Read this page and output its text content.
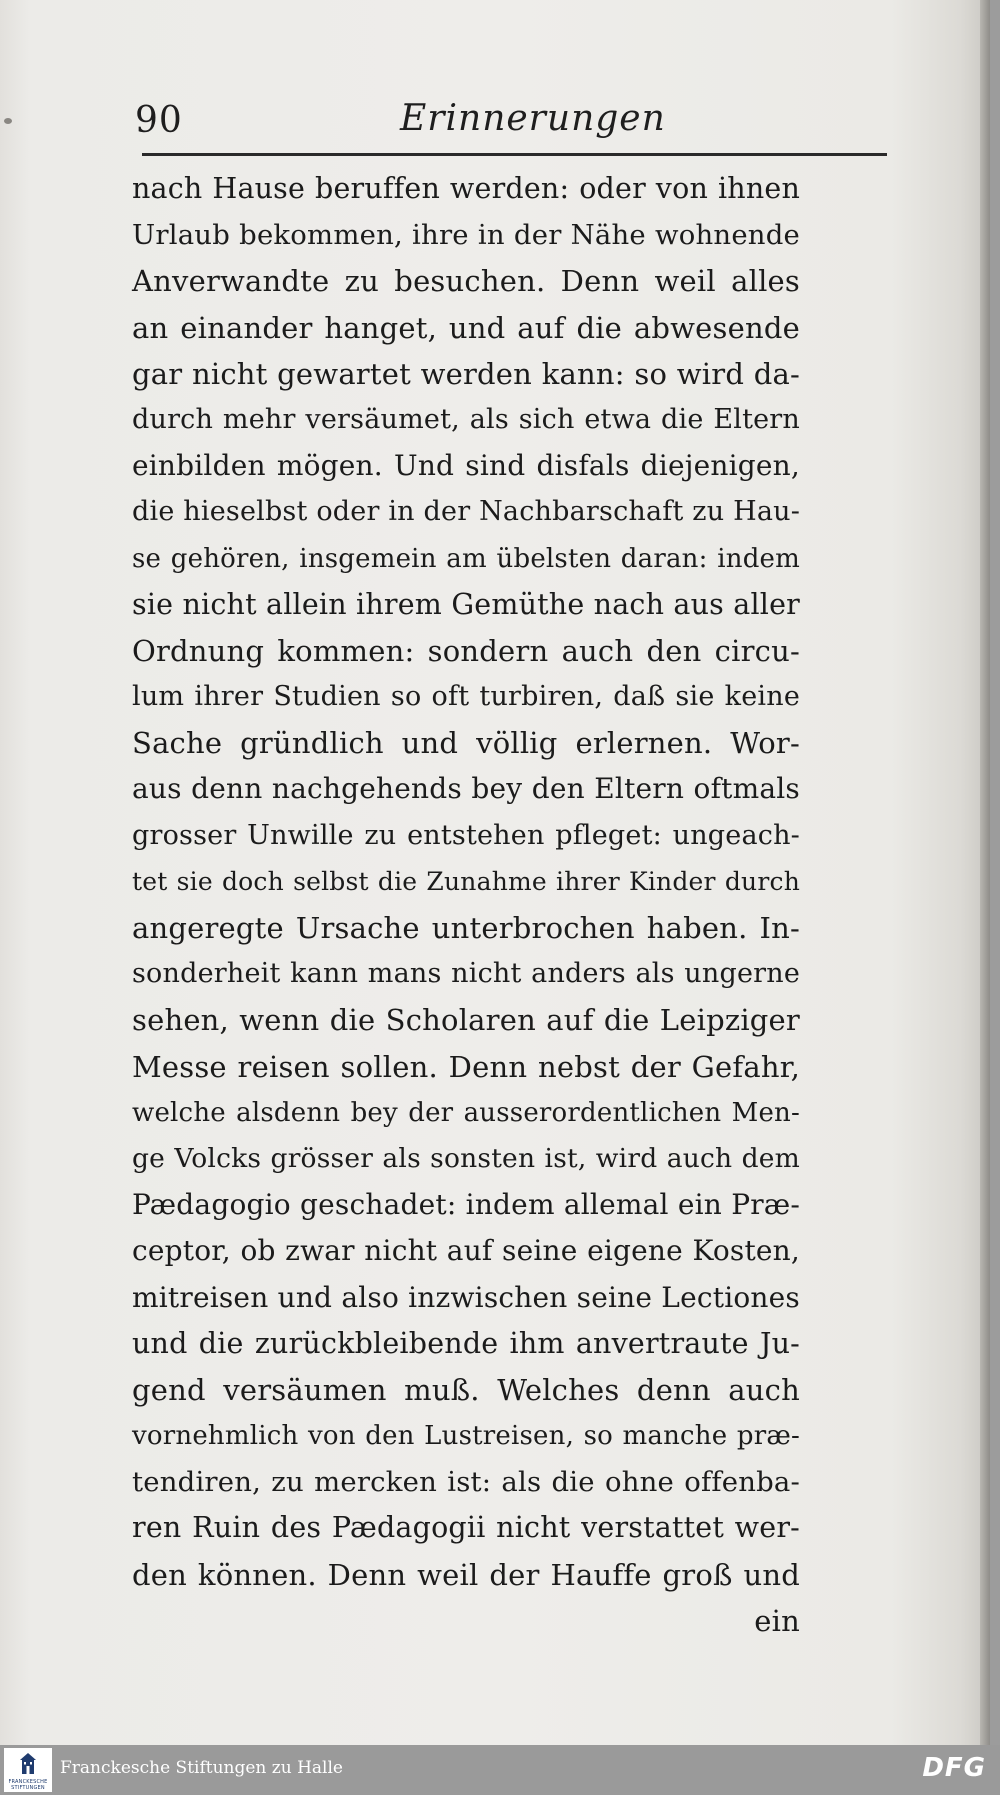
90	Erinnerungen
nach Hause beruffen werden: oder von ihnen
Urlaub bekommen, ihre in der Nähe wohnende
Anverwandte zu besuchen. Denn weil alles
an einander hanget, und auf die abwesende
gar nicht gewartet werden kann: so wird da-
durch mehr versäumet, als sich etwa die Eltern
einbilden mögen. Und sind disfals diejenigen,
die hieselbst oder in der Nachbarschaft zu Hau-
se gehören, insgemein am übelsten daran: indem
sie nicht allein ihrem Gemüthe nach aus aller
Ordnung kommen: sondern auch den circu-
lum ihrer Studien so oft turbiren, daß sie keine
Sache gründlich und völlig erlernen. Wor-
aus denn nachgehends bey den Eltern oftmals
grosser Unwille zu entstehen pfleget: ungeach-
tet sie doch selbst die Zunahme ihrer Kinder durch
angeregte Ursache unterbrochen haben. In-
sonderheit kann mans nicht anders als ungerne
sehen, wenn die Scholaren auf die Leipziger
Messe reisen sollen. Denn nebst der Gefahr,
welche alsdenn bey der ausserordentlichen Men-
ge Volcks grösser als sonsten ist, wird auch dem
Pædagogio geschadet: indem allemal ein Præ-
ceptor, ob zwar nicht auf seine eigene Kosten,
mitreisen und also inzwischen seine Lectiones
und die zurückbleibende ihm anvertraute Ju-
gend versäumen muß. Welches denn auch
vornehmlich von den Lustreisen, so manche præ-
tendiren, zu mercken ist: als die ohne offenba-
ren Ruin des Pædagogii nicht verstattet wer-
den können. Denn weil der Hauffe groß und
ein
FRANCKESCHE STIFTUNGEN
Franckesche Stiftungen zu Halle	DFG
